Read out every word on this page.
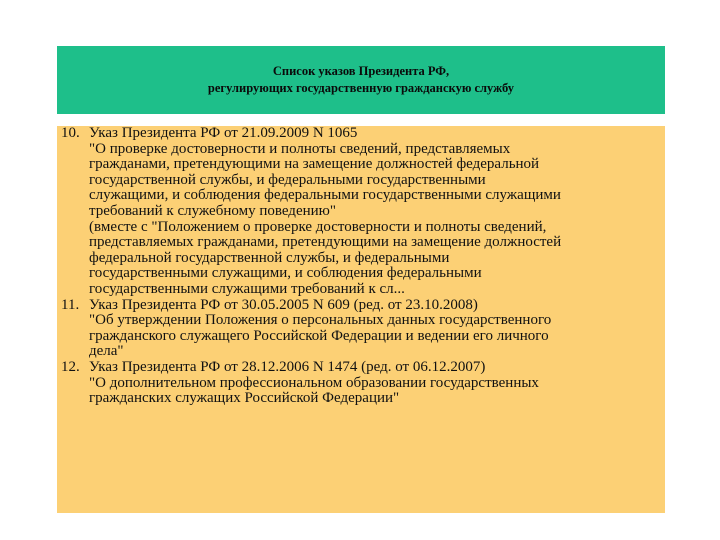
Список указов Президента РФ,
регулирующих государственную гражданскую службу
10. Указ Президента РФ от 21.09.2009 N 1065
"О проверке достоверности и полноты сведений, представляемых
гражданами, претендующими на замещение должностей федеральной
государственной службы, и федеральными государственными
служащими, и соблюдения федеральными государственными служащими
требований к служебному поведению"
(вместе с "Положением о проверке достоверности и полноты сведений,
представляемых гражданами, претендующими на замещение должностей
федеральной государственной службы, и федеральными
государственными служащими, и соблюдения федеральными
государственными служащими требований к сл...
11. Указ Президента РФ от 30.05.2005 N 609 (ред. от 23.10.2008)
"Об утверждении Положения о персональных данных государственного
гражданского служащего Российской Федерации и ведении его личного
дела"
12. Указ Президента РФ от 28.12.2006 N 1474 (ред. от 06.12.2007)
"О дополнительном профессиональном образовании государственных
гражданских служащих Российской Федерации"
